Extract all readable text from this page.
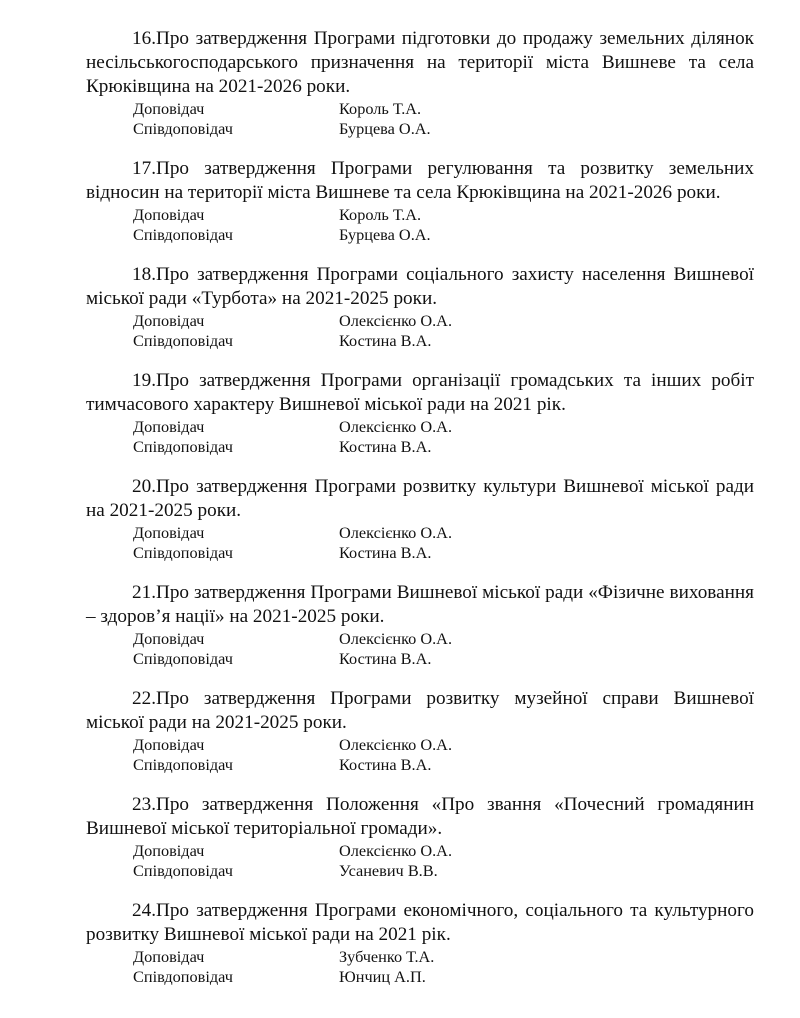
16.Про затвердження Програми підготовки до продажу земельних ділянок несільськогосподарського призначення на території міста Вишневе та села Крюківщина на 2021-2026 роки.

Доповідач	Король Т.А.
Співдоповідач	Бурцева О.А.

17.Про затвердження Програми регулювання та розвитку земельних відносин на території міста Вишневе та села Крюківщина на 2021-2026 роки.

Доповідач	Король Т.А.
Співдоповідач	Бурцева О.А.

18.Про затвердження Програми соціального захисту населення Вишневої міської ради «Турбота» на 2021-2025 роки.

Доповідач	Олексієнко О.А.
Співдоповідач	Костина В.А.

19.Про затвердження Програми організації громадських та інших робіт тимчасового характеру Вишневої міської ради на 2021 рік.

Доповідач	Олексієнко О.А.
Співдоповідач	Костина В.А.

20.Про затвердження Програми розвитку культури Вишневої міської ради на 2021-2025 роки.

Доповідач	Олексієнко О.А.
Співдоповідач	Костина В.А.

21.Про затвердження Програми Вишневої міської ради «Фізичне виховання – здоров’я нації» на 2021-2025 роки.

Доповідач	Олексієнко О.А.
Співдоповідач	Костина В.А.

22.Про затвердження Програми розвитку музейної справи Вишневої міської ради на 2021-2025 роки.

Доповідач	Олексієнко О.А.
Співдоповідач	Костина В.А.

23.Про затвердження Положення «Про звання «Почесний громадянин Вишневої міської територіальної громади».

Доповідач	Олексієнко О.А.
Співдоповідач	Усаневич В.В.

24.Про затвердження Програми економічного, соціального та культурного розвитку Вишневої міської ради на 2021 рік.

Доповідач	Зубченко Т.А.
Співдоповідач	Юнчиц А.П.
